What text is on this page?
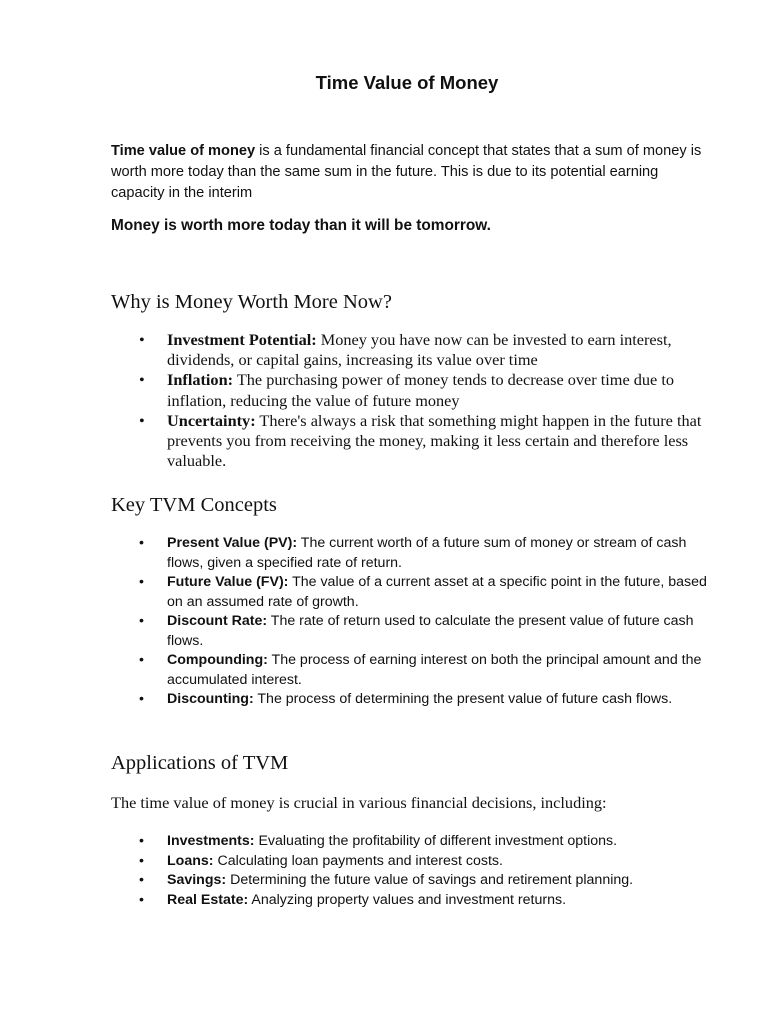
Time Value of Money

Time value of money is a fundamental financial concept that states that a sum of money is worth more today than the same sum in the future. This is due to its potential earning capacity in the interim

Money is worth more today than it will be tomorrow.
Why is Money Worth More Now?
• Investment Potential: Money you have now can be invested to earn interest, dividends, or capital gains, increasing its value over time
• Inflation: The purchasing power of money tends to decrease over time due to inflation, reducing the value of future money
• Uncertainty: There's always a risk that something might happen in the future that prevents you from receiving the money, making it less certain and therefore less valuable.
Key TVM Concepts
• Present Value (PV): The current worth of a future sum of money or stream of cash flows, given a specified rate of return.
• Future Value (FV): The value of a current asset at a specific point in the future, based on an assumed rate of growth.
• Discount Rate: The rate of return used to calculate the present value of future cash flows.
• Compounding: The process of earning interest on both the principal amount and the accumulated interest.
• Discounting: The process of determining the present value of future cash flows.
Applications of TVM
The time value of money is crucial in various financial decisions, including:
• Investments: Evaluating the profitability of different investment options.
• Loans: Calculating loan payments and interest costs.
• Savings: Determining the future value of savings and retirement planning.
• Real Estate: Analyzing property values and investment returns.
